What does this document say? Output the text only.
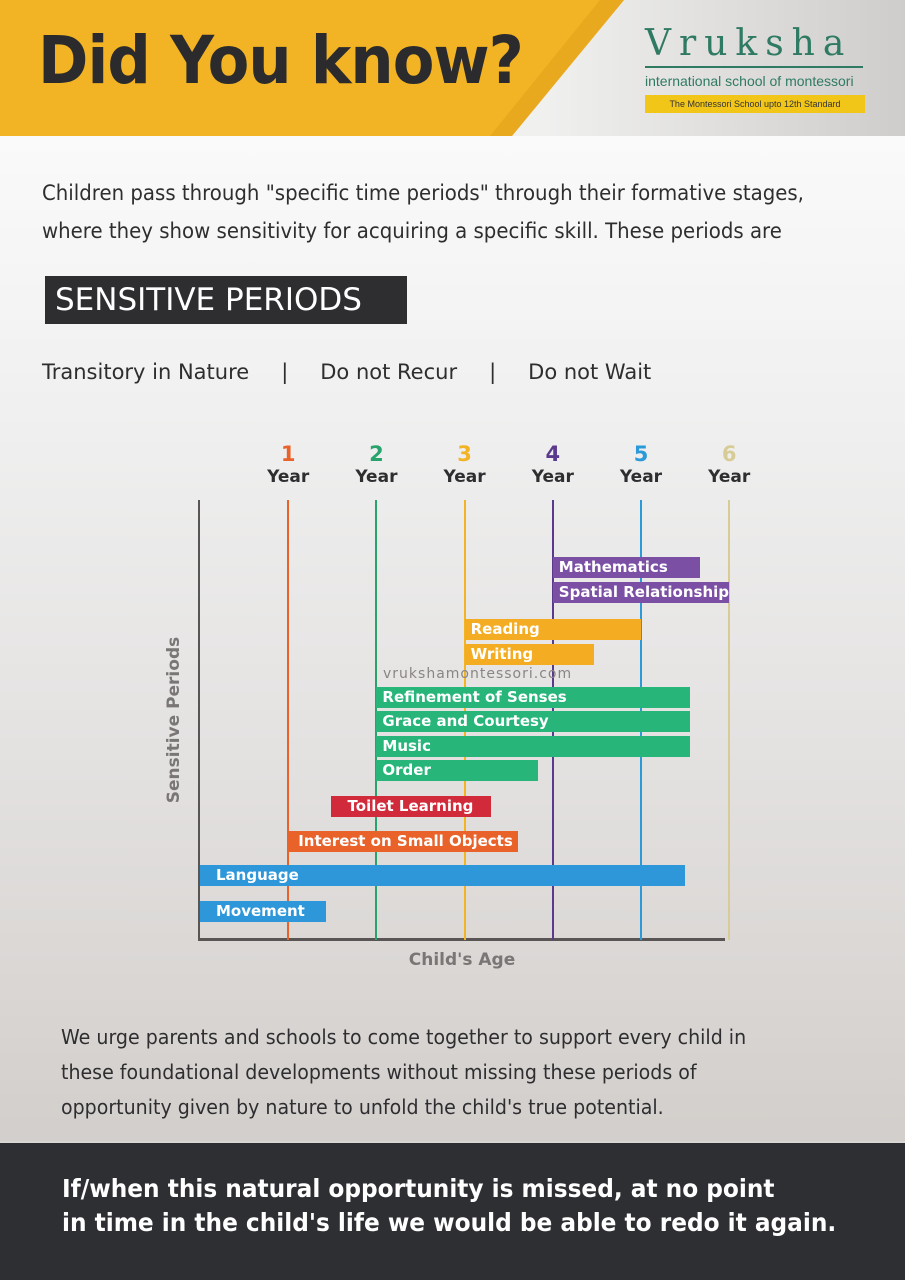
Did You know?	Vruksha
international school of montessori
The Montessori School upto 12th Standard
Children pass through "specific time periods" through their formative stages,
where they show sensitivity for acquiring a specific skill. These periods are
SENSITIVE PERIODS
Transitory in Nature | Do not Recur | Do not Wait
1
Year
2
Year
3
Year
4
Year
5
Year
6
Year
Mathematics
Spatial Relationship
Reading
Writing
Refinement of Senses
Grace and Courtesy
Music
Order
Toilet Learning
Interest on Small Objects
Language
Movement
vrukshamontessori.com
Sensitive Periods
Child's Age
We urge parents and schools to come together to support every child in
these foundational developments without missing these periods of
opportunity given by nature to unfold the child's true potential.
If/when this natural opportunity is missed, at no point
in time in the child's life we would be able to redo it again.
